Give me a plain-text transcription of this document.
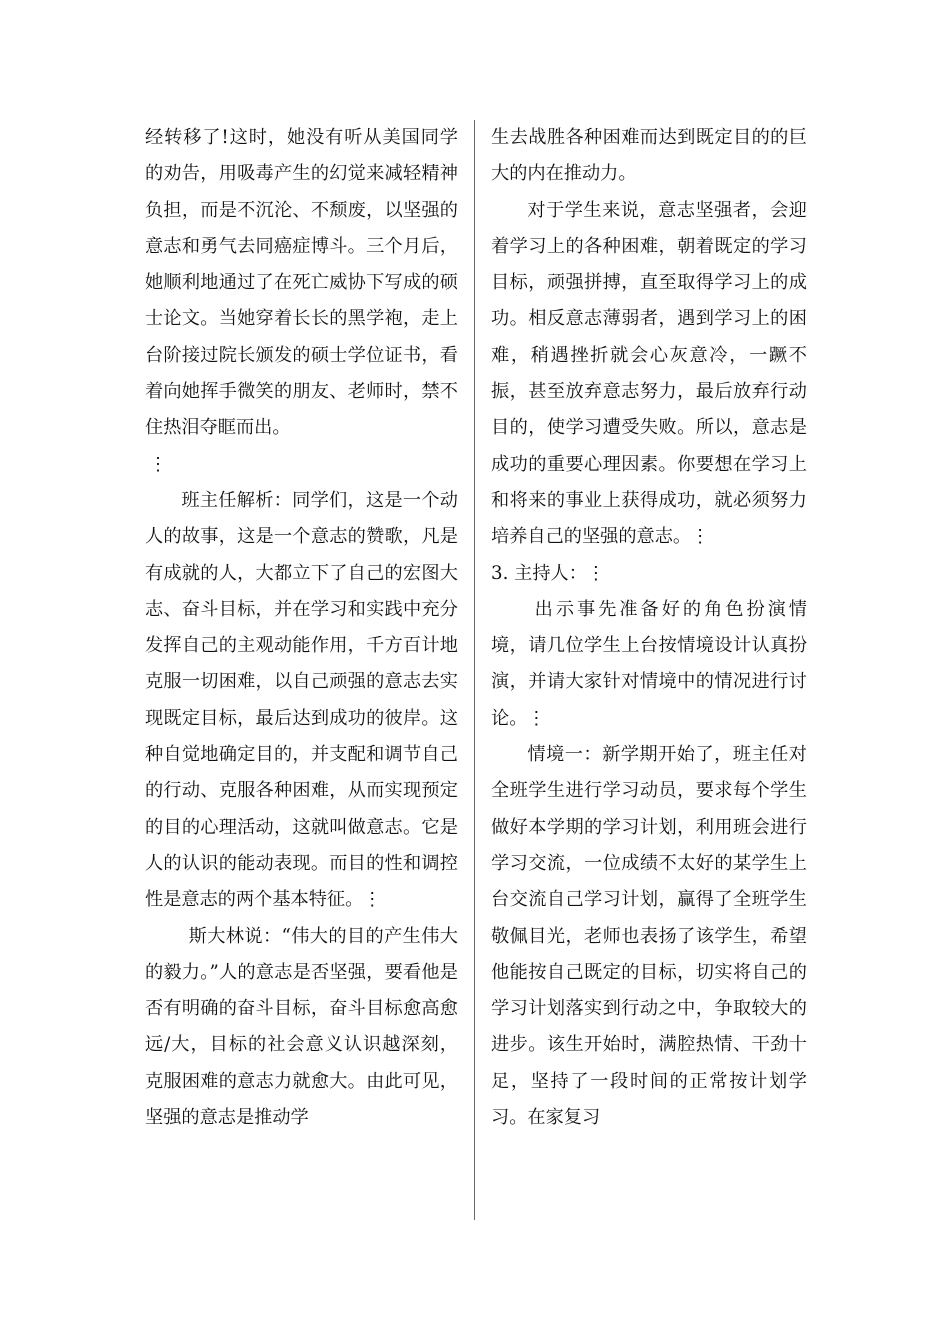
经转移了!这时，她没有听从美国同学的劝告，用吸毒产生的幻觉来减轻精神负担，而是不沉沦、不颓废，以坚强的意志和勇气去同癌症博斗。三个月后，她顺利地通过了在死亡威协下写成的硕士论文。当她穿着长长的黑学袍，走上台阶接过院长颁发的硕士学位证书，看着向她挥手微笑的朋友、老师时，禁不住热泪夺眶而出。

⋮

班主任解析：同学们，这是一个动人的故事，这是一个意志的赞歌，凡是有成就的人，大都立下了自己的宏图大志、奋斗目标，并在学习和实践中充分发挥自己的主观动能作用，千方百计地克服一切困难，以自己顽强的意志去实现既定目标，最后达到成功的彼岸。这种自觉地确定目的，并支配和调节自己的行动、克服各种困难，从而实现预定的目的心理活动，这就叫做意志。它是人的认识的能动表现。而目的性和调控性是意志的两个基本特征。⋮

斯大林说：“伟大的目的产生伟大的毅力。”人的意志是否坚强，要看他是否有明确的奋斗目标，奋斗目标愈高愈远/大，目标的社会意义认识越深刻，克服困难的意志力就愈大。由此可见，坚强的意志是推动学

生去战胜各种困难而达到既定目的的巨大的内在推动力。

对于学生来说，意志坚强者，会迎着学习上的各种困难，朝着既定的学习目标，顽强拼搏，直至取得学习上的成功。相反意志薄弱者，遇到学习上的困难，稍遇挫折就会心灰意冷，一蹶不振，甚至放弃意志努力，最后放弃行动目的，使学习遭受失败。所以，意志是成功的重要心理因素。你要想在学习上和将来的事业上获得成功，就必须努力培养自己的坚强的意志。⋮

3. 主持人：⋮

出示事先准备好的角色扮演情境，请几位学生上台按情境设计认真扮演，并请大家针对情境中的情况进行讨论。⋮

情境一：新学期开始了，班主任对全班学生进行学习动员，要求每个学生做好本学期的学习计划，利用班会进行学习交流，一位成绩不太好的某学生上台交流自己学习计划，赢得了全班学生敬佩目光，老师也表扬了该学生，希望他能按自己既定的目标，切实将自己的学习计划落实到行动之中，争取较大的进步。该生开始时，满腔热情、干劲十足，坚持了一段时间的正常按计划学习。在家复习
